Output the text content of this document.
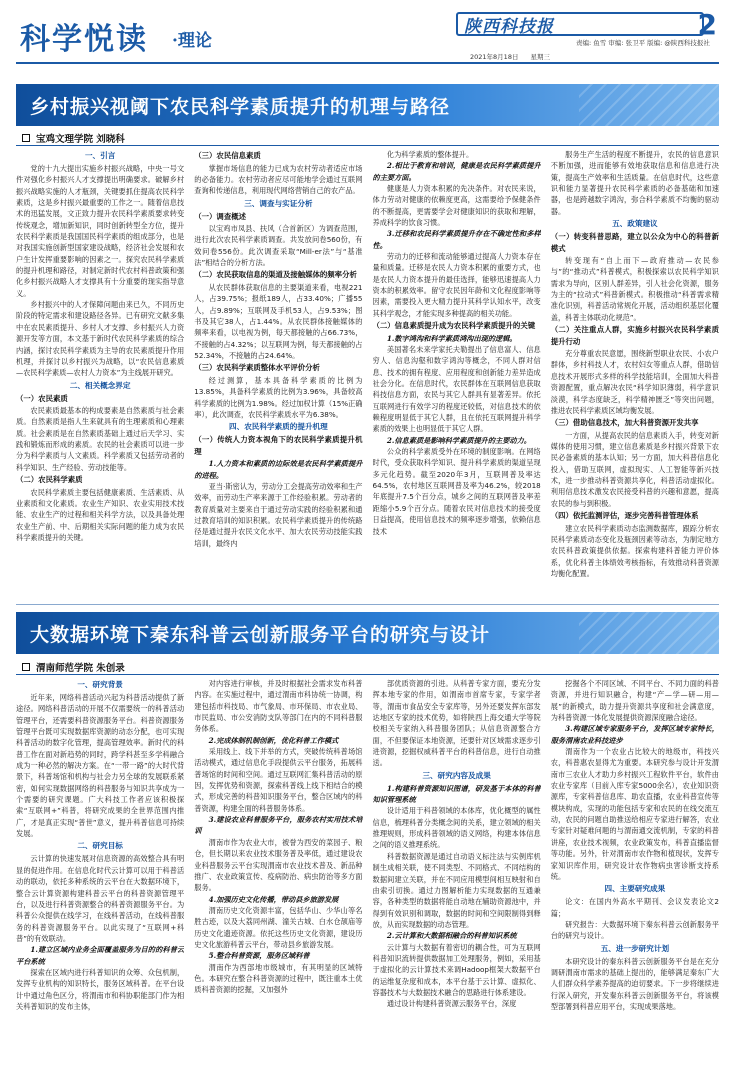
科学悦读 ·理论
陕西科技报	2
责编: 鱼雪 审编: 张卫平 版编: @陕西科技报社
2021年8月18日 星期三
乡村振兴视阈下农民科学素质提升的机理与路径
宝鸡文理学院 刘晓科
一、引言

党的十九大提出实施乡村振兴战略，中央一号文件对强化乡村振兴人才支撑提出明确要求。破解乡村振兴战略实施的人才瓶颈，关键要抓住提高农民科学素质，这是乡村振兴最重要的工作之一。随着信息技术的迅猛发展，文正致力提升农民科学素质要求转变传统观念，增加新知识，同时创新转型全方位，提升农民科学素质是我国国民科学素质的组成部分，也是对我国实施创新型国家建设战略，经济社会发展和农户生计发挥重要影响的因素之一。探究农民科学素质的提升机理和路径，对制定新时代农村科普政策和强化乡村振兴战略人才支撑具有十分重要的现实指导意义。

乡村振兴中的人才保障问题由来已久，不同历史阶段的特定需求和建设路径各异。已有研究文献多集中在农民素质提升、乡村人才支撑、乡村振兴人力资源开发等方面，本文基于新时代农民科学素质的综合内涵，探讨农民科学素质为主导的农民素质提升作用机理，并探讨以乡村振兴为战略，以“农民信息素质—农民科学素质—农村人力资本”为主线展开研究。

二、相关概念界定
（一）农民素质

农民素质最基本的构成要素是自然素质与社会素质。自然素质是指人生来就具有的生理素质和心理素质。社会素质是在自然素质基础上通过后天学习、实践和锻炼而形成的素质。农民的社会素质可以进一步分为科学素质与人文素质。科学素质又包括劳动者的科学知识、生产经验、劳动技能等。

（二）农民科学素质

农民科学素质主要包括健康素质、生活素质、从业素质和文化素质。农业生产知识、农业实用技术技能、农业生产的过程和相关科学方法，以及具备处理农业生产前、中、后期相关实际问题的能力成为农民科学素质提升的关键。

（三）农民信息素质

掌握市场信息的能力已成为农村劳动者适应市场的必备能力。农村劳动者应尽可能地学会通过互联网查询和传递信息，利用现代网络营销自己的农产品。

三、调查与实证分析
（一）调查概述

以宝鸡市凤县、扶风（合首新区）为调查范围，进行此次农民科学素质调查。共发放问卷560份，有效问卷556份。此次调查采取“Mill-er法”与“基准法”相结合的分析方法。

（二）农民获取信息的渠道及接触媒体的频率分析

从农民群体获取信息的主要渠道来看，电视221人，占39.75%；报纸189人，占33.40%；广播55人，占9.89%；互联网及手机53人，占9.53%；图书及其它38人，占1.44%。从农民群体接触媒体的频率来看，以电视为例，每天都接触的占66.73%，不接触的占4.32%；以互联网为例，每天都接触的占52.34%，不接触的占24.64%。

（三）农民科学素质整体水平评价分析

经过测算，基本具备科学素质的比例为13.85%，具备科学素质的比例为3.96%，具备较高科学素质的比例为1.98%。经过加权计算（15%正确率），此次调查，农民科学素质水平为6.38%。

四、农民科学素质的提升机理
（一）传统人力资本视角下的农民科学素质提升机理
1.人力资本和素质的边际效是农民科学素质提升的进程。

亚当·斯密认为，劳动分工会提高劳动效率和生产效率，而劳动生产率来源于工作经验积累。劳动者的教育质量对主要来自于通过劳动实践的经验积累和通过教育培训的知识积累。农民科学素质提升的传统路径是通过提升农民文化水平、加大农民劳动技能实践培训，最终内

化为科学素质的整体提升。

2.相比于教育和培训，健康是农民科学素质提升的主要方面。

健康是人力资本积累的先决条件。对农民来说，体力劳动对健康的依赖度更高，这需要给予保健条件的不断提高，更需要学会对健康知识的获取和理解，养成科学的饮食习惯。

3.迁移和农民科学素质提升存在不确定性和多样性。

劳动力的迁移和流动能够通过提高人力资本存在量和质量。迁移是农民人力资本积累的重要方式，也是农民人力资本提升的最佳选择，能够迅速提高人力资本的积累效率。留守农民因年龄和文化程度影响等因素，需要投入更大精力提升其科学认知水平，改变其科学观念，才能实现多种提高的相关功能。

（二）信息素质提升成为农民科学素质提升的关键
1.数字鸿沟和科学素质鸿沟出现的逻辑。

美国著名未来学家托夫勒提出了信息富人、信息穷人、信息沟壑和数字鸿沟等概念，不同人群对信息、技术的拥有程度、应用程度和创新能力差异造成社会分化。在信息时代，农民群体在互联网信息获取科技信息方面，农民与其它人群具有显著差异。依托互联网进行有效学习的程度还较低，对信息技术的依赖程度明显低于其它人群，且在依托互联网提升科学素质的效果上也明显低于其它人群。

2.信息素质是影响科学素质提升的主要动力。

公众的科学素质受外在环境的制度影响。在网络时代，受众获取科学知识、提升科学素质的渠道呈现多元化趋势。截至2020年3月，互联网普及率达64.5%，农村地区互联网普及率为46.2%，较2018年底提升7.5个百分点，城乡之间的互联网普及率差距缩小5.9个百分点。随着农民对信息技术的接受度日益提高，使用信息技术的频率逐步增强，依赖信息技术

服务生产生活的程度不断提升，农民的信息意识不断加强，进而能够有效地获取信息和信息进行决策，提高生产效率和生活质量。在信息时代，这些意识和能力显著提升农民科学素质的必备基础和加速器，也是跨越数字鸿沟，弥合科学素质不均衡的驱动器。

五、政策建议
（一）转变科普思路，建立以公众为中心的科普新模式

转变现有“自上而下—政府推动—农民参与”的“推动式”科普模式，积极探索以农民科学知识需求为导向，区别人群差异，引人社会化资源，服务为主的“拉动式”科普新模式。积极推动“科普需求精准化识别，科普活动常规化开展，活动组织基层化覆盖，科普主体联动化规范”。

（二）关注重点人群，实施乡村振兴农民科学素质提升行动

充分尊重农民意愿，围绕新型职业农民、小农户群体，乡村科技人才，农村妇女等重点人群，借助信息技术开展形式多样的科学技能培训，全面加大科普资源配置，重点解决农民“科学知识薄弱，科学意识淡漠，科学态度缺乏，科学精神匮乏”等突出问题，推进农民科学素质区域均衡发展。

（三）借助信息技术，加大科普资源开发共享

一方面，从提高农民的信息素质入手，转变对新媒体的使用习惯，建立信息素质是乡村振兴背景下农民必备素质的基本认知；另一方面，加大科普信息化投入，借助互联网，虚拟现实、人工智能等新兴技术，进一步推动科普资源共享化，科普活动虚拟化。利用信息技术激发农民接受科普的兴趣和意愿，提高农民的参与到积极。

（四）依托监测评估，逐步完善科普管理体系

建立农民科学素质动态监测数据库，跟踪分析农民科学素质动态变化及瓶颈因素等动态，为制定地方农民科普政策提供依据。探索构建科普能力评价体系，优化科普主体绩效考核指标，有效推动科普资源均衡化配置。

大数据环境下秦东科普云创新服务平台的研究与设计
渭南师范学院 朱创录
一、研究背景

近年来，网络科普活动兴起为科普活动提供了新途径。网络科普活动的开展不仅需要统一的科普活动管理平台，还需要科普资源服务平台。科普资源服务管理平台既可实现数据库资源的动态分配，也可实现科普活动的数字化管理，提高管理效率。新时代的科普工作在面对新趋势的同时，跨学科甚至多学科融合成为一种必然的解决方案。在“一带一路”的大时代背景下，科普场馆和机构与社会力另全球的发展联系紧密，如何实现数据网络的科普服务与知识共享成为一个需要的研究课题。广大科技工作者应该积极探索“互联网+”科普，将研究成果的全世界范围内推广，才是真正实现“普世”意义，提升科普信息可持续发展。

二、研究目标

云计算的快速发展对信息资源的高效整合具有明显的促进作用。在信息化时代云计算可以用于科普活动的联动，依托多种系统的云平台在大数据环境下，整合云计算资源构建科普云平台的科普资源管理平台，以及进行科普资源整合的科普资源服务平台。为科普公众提供在线学习，在线科普活动，在线科普服务的科普资源服务平台。以此实现了“互联网+科普”的有效联动。

1.建立区域内业务全面覆盖服务为目的的科普云平台系统

探索在区域内进行科普知识的众筹、众包机制，发挥专业机构的知识特长，服务区域科普。在平台设计中通过角色区分，将渭南市和科协职能部门作为相关科普知识的发布主体，

对内容进行审核，并及时根据社会需求发布科普内容。在实施过程中，通过渭南市科协统一协调，构建包括市科技局、市气象局、市环保局、市农业局、市民监局、市公安消防支队等部门在内的不同科普服务体系。

2.完成体制机制创新，优化科普工作模式

采用线上、线下并举的方式，突破传统科普场馆活动模式，通过信息化手段提供云平台服务，拓展科普场馆的时间和空间。通过互联网汇集科普活动的原因，发挥优势和资源，探索科普线上线下相结合的模式，形成完善的科普知识服务平台，整合区域内的科普资源，构建全面的科普服务体系。

3.建设农业科普服务平台，服务农村实用技术培训

渭南市作为农业大市，被誉为西安的菜园子、粮仓，但长期以来农业技术服务普及率低，通过建设农业科普服务云平台实现渭南市农业技术普及、新品种推广、农业政策宣传、疫病防治、病虫防治等多方面服务。

4.加强历史文化传播，带动县乡旅游发展

渭南历史文化资源丰富，包括华山、少华山等名胜古迹，以及大荔同州湖、潼关古城、白水仓颉庙等历史文化遗迹资源。依托这些历史文化资源，建设历史文化旅游科普云平台，带动县乡旅游发展。

5.整合科普资源，服务区域科普

渭南作为西部地市级城市，有其明显的区域特色。本研究在整合科普资源的过程中，既注重本土优质科普资源的挖掘，又加强外

部优质资源的引进。从科普专家方面，要充分发挥本地专家的作用，如渭南市首席专家，专家学者等，渭南市食品安全专家库等，另外还要发挥东部发达地区专家的技术优势，如将陕西上海交通大学等院校相关专家纳入科普服务团队；从信息资源整合方面，不但要保证本地资源，还要针对区域需求逐步引进资源，挖掘权威科普平台的科普信息，进行自动推送。

三、研究内容及成果
1.构建科普资源知识图谱，研发基于本体的科普知识管理系统

设计适用于科普领域的本体库，优化概型的属性信息，梳理科普分类概念间的关系，建立领域的相关推理规则，形成科普领域的语义网络，构建本体信息之间的语义推理系统。

科普数据资源是通过自动语义标注法与实例库机制生成相关联，使不同类型、不同格式、不同结构的数据间建立关联，并在不同应用模型间相互映射和自由索引切换。通过力图解析能力实现数据的互通兼容，各种类型的数据将能自动地在辅助资源池中，并得到有效识别和调取，数据的时间和空间限制得到释放，从而实现数据的动态管理。

2.云计算和大数据相融合的科普知识系统

云计算与大数据有着密切的耦合性，可为互联网科普知识流转提供数据加工处理服务，例如，采用基于虚拟化的云计算技术来调Hadoop框架大数据平台的运维复杂度和成本，本平台基于云计算、虚拟化、容器技术与大数据技术融合的思路进行体系建设。

通过设计构建科普资源云服务平台，深度

挖掘各个不同区域、不同平台、不同力面的科普资源，并进行知识融合，构建“产—学—研—用—展”的新模式，助力提升资源共享度和社会满意度，为科普资源一体化发展提供资源深度融合途径。

3.构建区域专家服务平台，发挥区域专家特长，服务渭南农业科技进步

渭南作为一个农业占比较大的地级市，科技兴农，科普惠农显得尤为重要。本研究参与设计开发渭南市三农业人才助力乡村振兴工程软件平台，软件由农业专家库（目前入库专家5000余名），农业知识资源库，专家科普信息库、助农直播，农业科普宣传等模块构成，实现的功能包括专家和农民的在线交流互动，农民的问题自助推送给相应专家进行解答，农业专家针对疑难问题的与渭南通交流机制，专家的科普讲座，农业技术视频，农业政策发布，科普直播监督等功能。另外，针对渭南市农作物和植现状，发挥专家知识库作用，研究设计农作物病虫害诊断支持系统。

四、主要研究成果

论文：在国内外高水平期刊、会议发表论文2篇；

研究报告：大数据环境下秦东科普云创新服务平台的研究与设计。

五、进一步研究计划

本研究设计的秦东科普云创新服务平台是在充分调研渭南市需求的基础上提出的，能够满足秦东广大人们群众科学素养提高的迫切要求。下一步将继续进行深入研究，开发秦东科普云创新服务平台，将该模型部署到科普应用平台，实现成果落地。
